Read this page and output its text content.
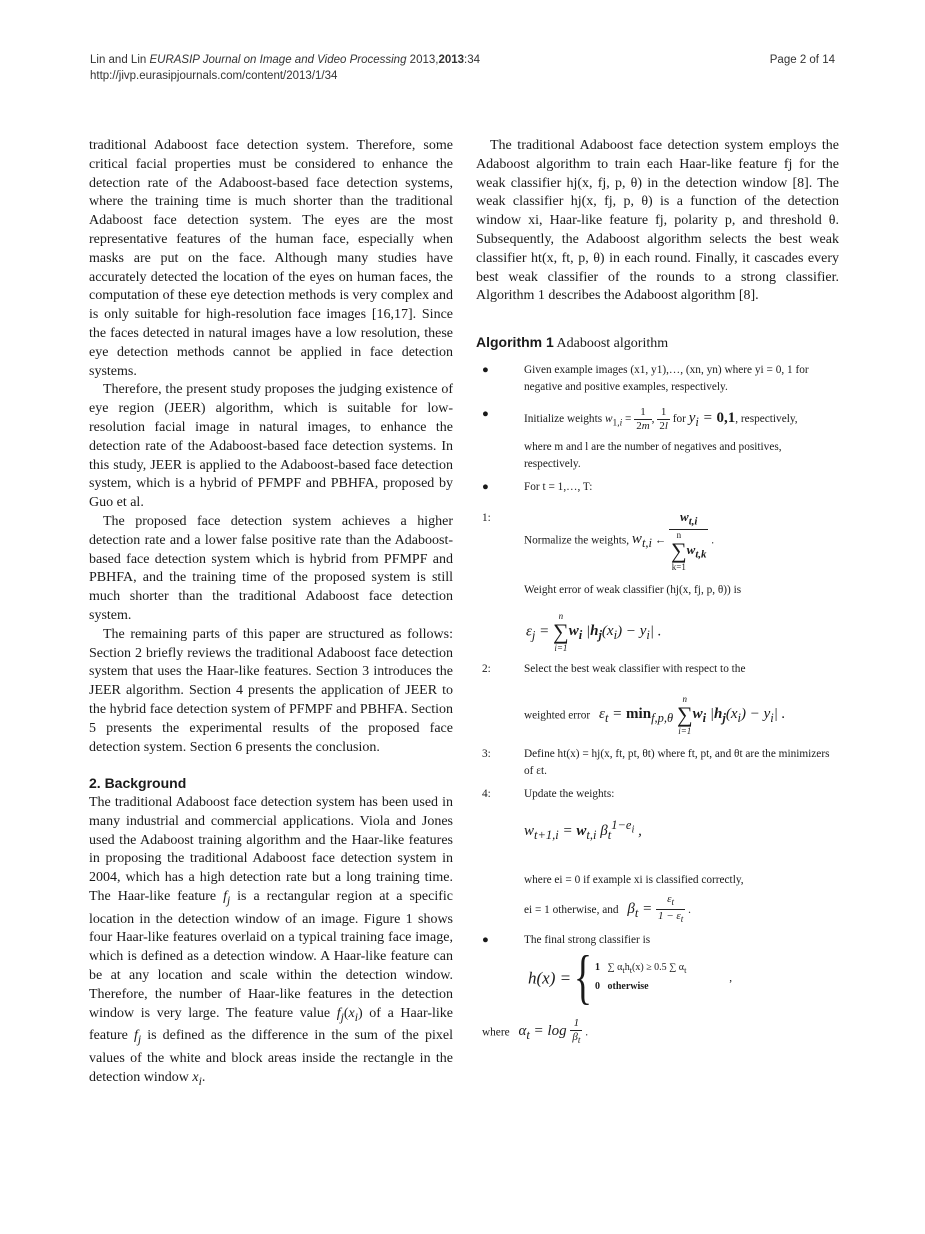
Lin and Lin EURASIP Journal on Image and Video Processing 2013,2013:34
http://jivp.eurasipjournals.com/content/2013/1/34
Page 2 of 14

traditional Adaboost face detection system. Therefore, some critical facial properties must be considered to enhance the detection rate of the Adaboost-based face detection systems, where the training time is much shorter than the traditional Adaboost face detection system. The eyes are the most representative features of the human face, especially when masks are put on the face. Although many studies have accurately detected the location of the eyes on human faces, the computation of these eye detection methods is very complex and is only suitable for high-resolution face images [16,17]. Since the faces detected in natural images have a low resolution, these eye detection methods cannot be applied in face detection systems.

Therefore, the present study proposes the judging existence of eye region (JEER) algorithm, which is suitable for low-resolution facial image in natural images, to enhance the detection rate of the Adaboost-based face detection systems. In this study, JEER is applied to the Adaboost-based face detection system, which is a hybrid of PFMPF and PBHFA, proposed by Guo et al.

The proposed face detection system achieves a higher detection rate and a lower false positive rate than the Adaboost-based face detection system which is hybrid from PFMPF and PBHFA, and the training time of the proposed system is still much shorter than the traditional Adaboost face detection system.

The remaining parts of this paper are structured as follows: Section 2 briefly reviews the traditional Adaboost face detection system that uses the Haar-like features. Section 3 introduces the JEER algorithm. Section 4 presents the application of JEER to the hybrid face detection system of PFMPF and PBHFA. Section 5 presents the experimental results of the proposed face detection system. Section 6 presents the conclusion.

2. Background

The traditional Adaboost face detection system has been used in many industrial and commercial applications. Viola and Jones used the Adaboost training algorithm and the Haar-like features in proposing the traditional Adaboost face detection system in 2004, which has a high detection rate but a long training time. The Haar-like feature $f_j$ is a rectangular region at a specific location in the detection window of an image. Figure 1 shows four Haar-like features overlaid on a typical training face image, which is defined as a detection window. A Haar-like feature can be at any location and scale within the detection window. Therefore, the number of Haar-like features in the detection window is very large. The feature value $f_j(x_i)$ of a Haar-like feature $f_j$ is defined as the difference in the sum of the pixel values of the white and block areas inside the rectangle in the detection window $x_i$.

The traditional Adaboost face detection system employs the Adaboost algorithm to train each Haar-like feature fj for the weak classifier hj(x, fj, p, θ) in the detection window [8]. The weak classifier hj(x, fj, p, θ) is a function of the detection window xi, Haar-like feature fj, polarity p, and threshold θ. Subsequently, the Adaboost algorithm selects the best weak classifier ht(x, ft, p, θ) in each round. Finally, it cascades every best weak classifier of the rounds to a strong classifier. Algorithm 1 describes the Adaboost algorithm [8].

Algorithm 1 Adaboost algorithm
●	Given example images (x1, y1),…, (xn, yn) where yi = 0, 1 for negative and positive examples, respectively.
●	Initialize weights $w_{1,i} = \frac{1}{2m}$ , $\frac{1}{2l}$ for $y_i = 0,1$, respectively,
where m and l are the number of negatives and positives, respectively.
●	For t = 1,…, T:
1:
Normalize the weights, $w_{t,i}$ ← $w_{t,i}$
n
∑
k=1
$w_{t,k}$ .
Weight error of weak classifier (hj(x, fj, p, θ)) is
$\varepsilon_j$ =
n
∑
i=1
$w_i$ $|h_j(x_i) - y_i|$ .
2:	Select the best weak classifier with respect to the
weighted error $\varepsilon_t = \min_{f,p,\theta}$
n
∑
i=1
$w_i$ $|h_j(x_i) - y_i|$ .
3:	Define ht(x) = hj(x, ft, pt, θt) where ft, pt, and θt are the minimizers of εt.
4:	Update the weights:
$w_{t+1,i} = w_{t,i}$ $\beta_t^{1-e_i}$ ,
where ei = 0 if example xi is classified correctly,
ei = 1 otherwise, and $\beta_t = \frac{\varepsilon_t}{1 - \varepsilon_t}$ .
●	The final strong classifier is
h(x) = { 1   ∑ $\alpha_th_t(x) \ge 0.5$ ∑ $\alpha_t$
0 otherwise
,
where $\alpha_t = \log \frac{1}{\beta_t}$ .
